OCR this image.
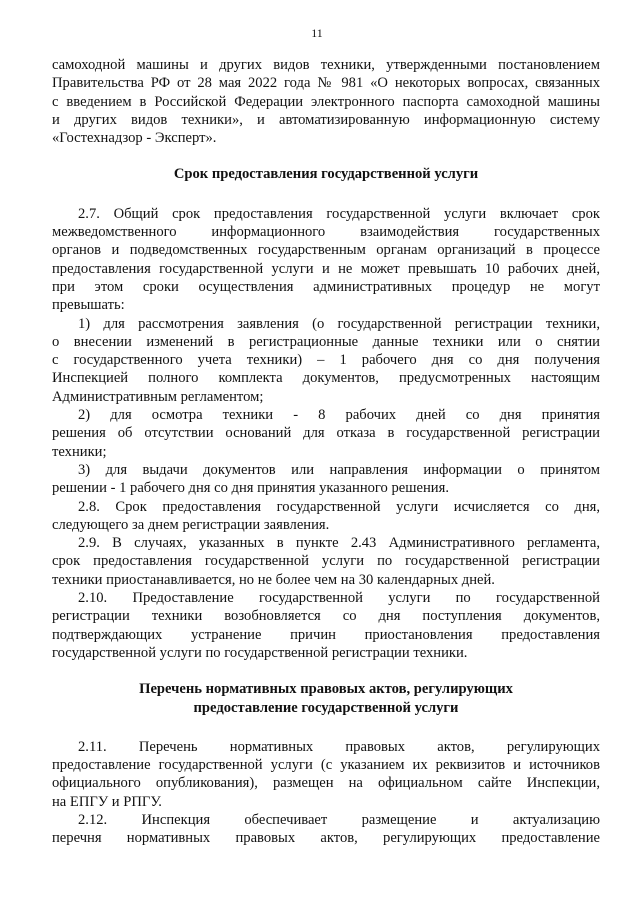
11
самоходной машины и других видов техники, утвержденными постановлением
Правительства РФ от 28 мая 2022 года № 981 «О некоторых вопросах, связанных
с введением в Российской Федерации электронного паспорта самоходной машины
и других видов техники», и автоматизированную информационную систему
«Гостехнадзор - Эксперт».
Срок предоставления государственной услуги
2.7. Общий срок предоставления государственной услуги включает срок
межведомственного информационного взаимодействия государственных
органов и подведомственных государственным органам организаций в процессе
предоставления государственной услуги и не может превышать 10 рабочих дней,
при этом сроки осуществления административных процедур не могут
превышать:
1) для рассмотрения заявления (о государственной регистрации техники,
о внесении изменений в регистрационные данные техники или о снятии
с государственного учета техники) – 1 рабочего дня со дня получения
Инспекцией полного комплекта документов, предусмотренных настоящим
Административным регламентом;
2) для осмотра техники - 8 рабочих дней со дня принятия
решения об отсутствии оснований для отказа в государственной регистрации
техники;
3) для выдачи документов или направления информации о принятом
решении - 1 рабочего дня со дня принятия указанного решения.
2.8. Срок предоставления государственной услуги исчисляется со дня,
следующего за днем регистрации заявления.
2.9. В случаях, указанных в пункте 2.43 Административного регламента,
срок предоставления государственной услуги по государственной регистрации
техники приостанавливается, но не более чем на 30 календарных дней.
2.10. Предоставление государственной услуги по государственной
регистрации техники возобновляется со дня поступления документов,
подтверждающих устранение причин приостановления предоставления
государственной услуги по государственной регистрации техники.
Перечень нормативных правовых актов, регулирующих
предоставление государственной услуги
2.11. Перечень нормативных правовых актов, регулирующих
предоставление государственной услуги (с указанием их реквизитов и источников
официального опубликования), размещен на официальном сайте Инспекции,
на ЕПГУ и РПГУ.
2.12. Инспекция обеспечивает размещение и актуализацию
перечня нормативных правовых актов, регулирующих предоставление
